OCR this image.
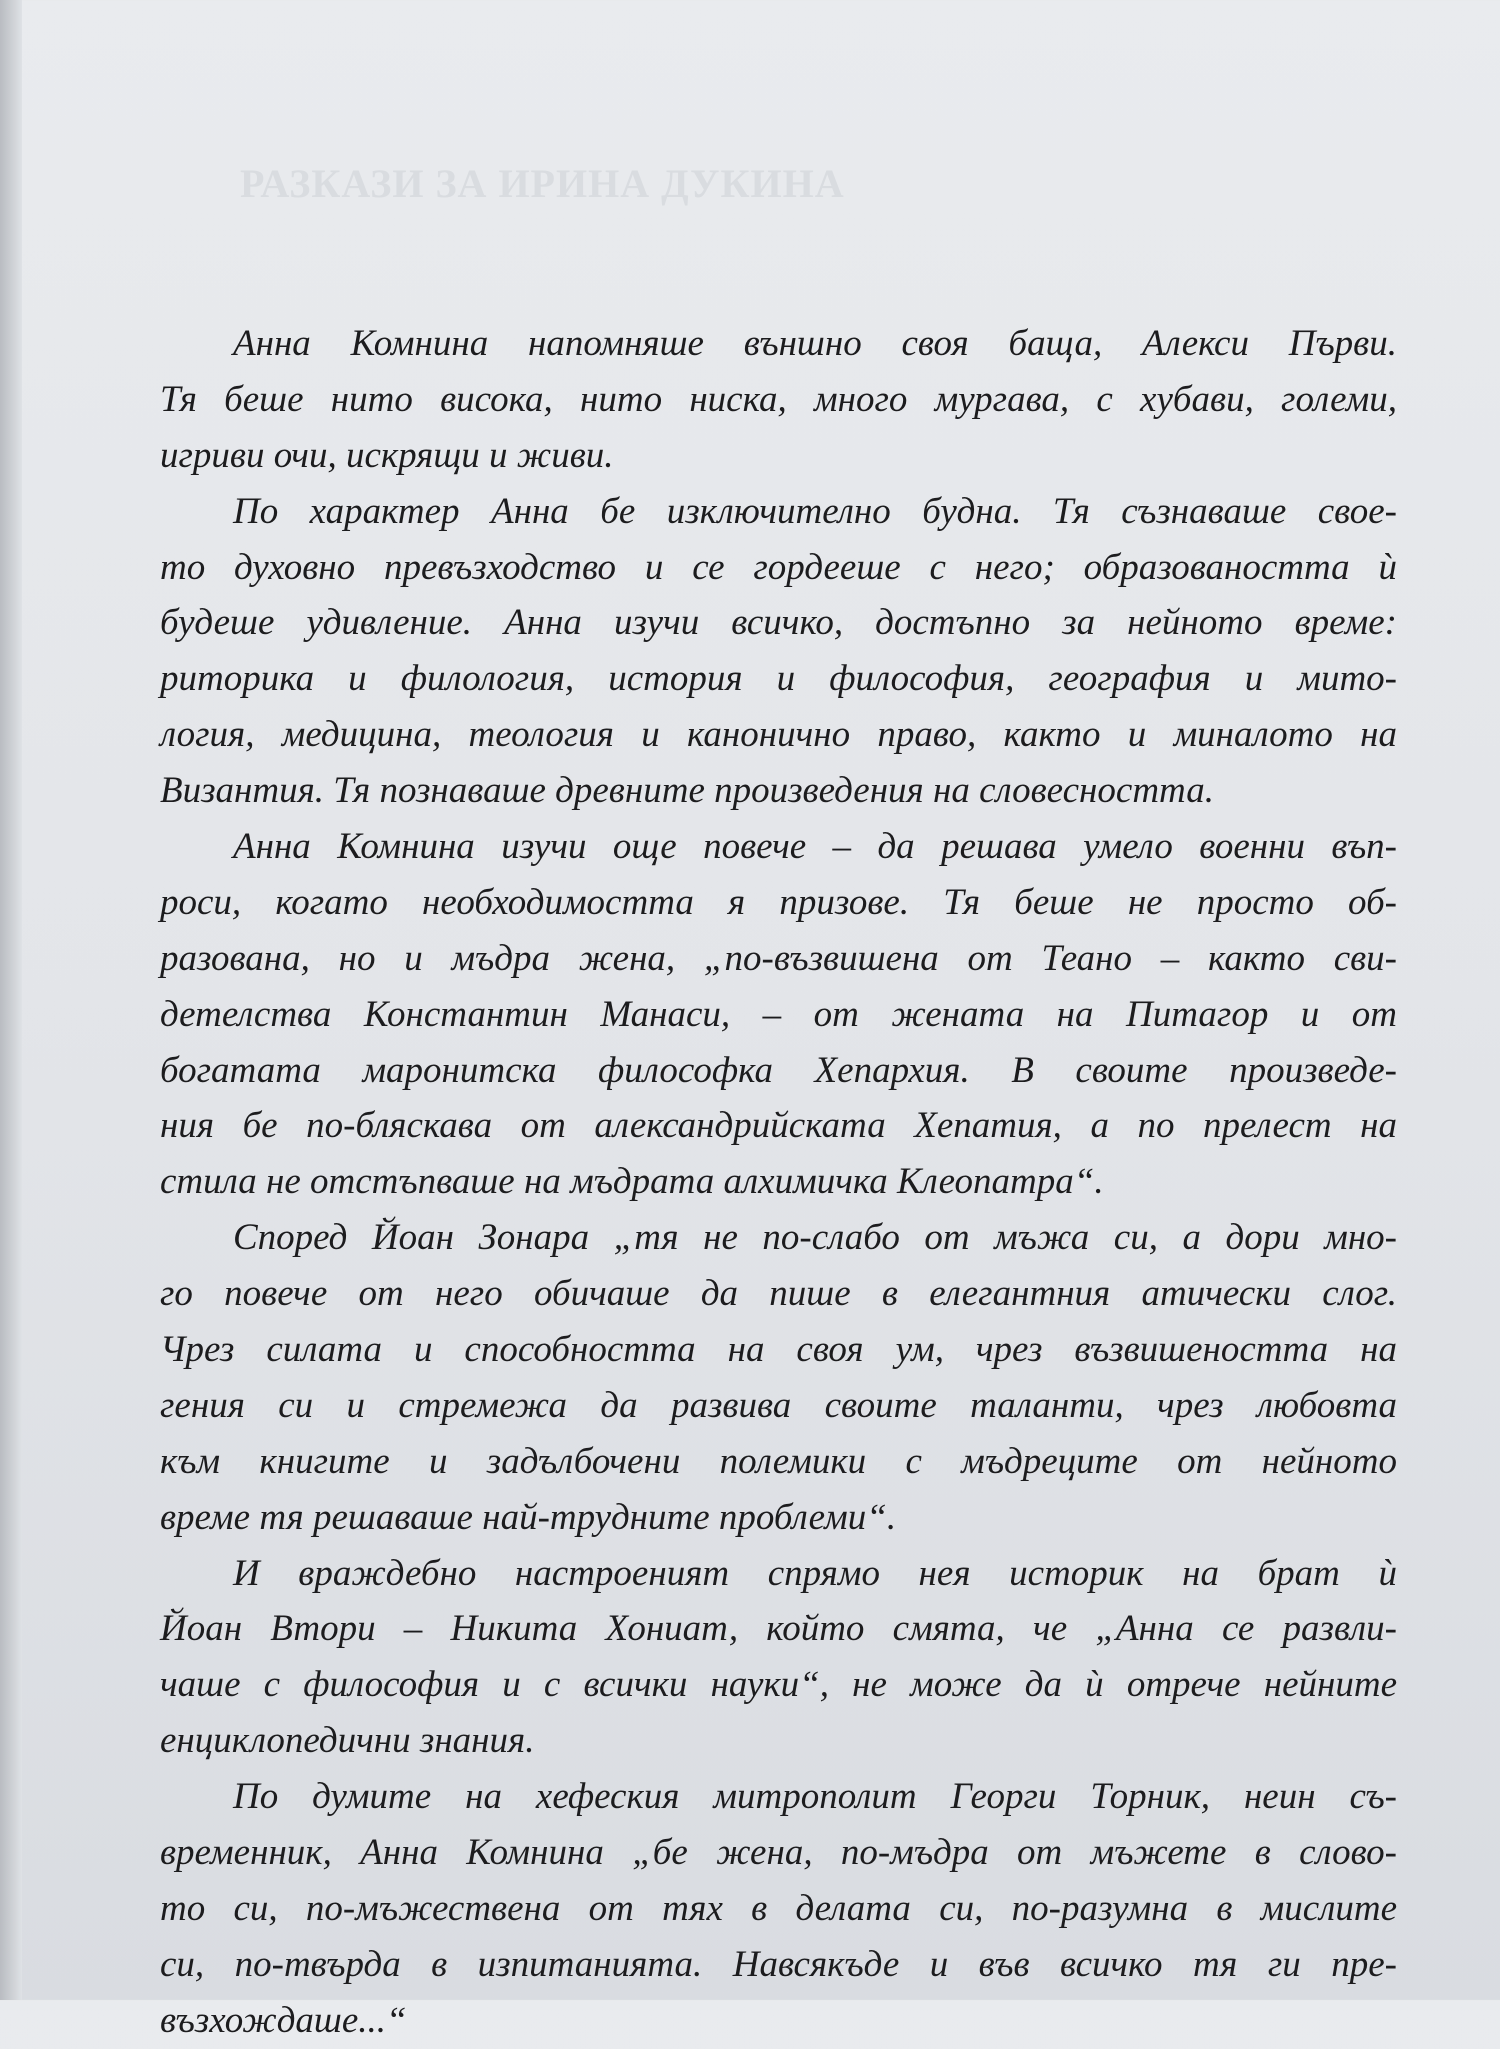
РАЗКАЗИ ЗА ИРИНА ДУКИНА
Анна Комнина напомняше външно своя баща, Алекси Първи.
Тя беше нито висока, нито ниска, много мургава, с хубави, големи,
игриви очи, искрящи и живи.
По характер Анна бе изключително будна. Тя съзнаваше свое-
то духовно превъзходство и се гордееше с него; образоваността ѝ
будеше удивление. Анна изучи всичко, достъпно за нейното време:
риторика и филология, история и философия, география и мито-
логия, медицина, теология и канонично право, както и миналото на
Византия. Тя познаваше древните произведения на словесността.
Анна Комнина изучи още повече – да решава умело военни въп-
роси, когато необходимостта я призове. Тя беше не просто об-
разована, но и мъдра жена, „по-възвишена от Теано – както сви-
детелства Константин Манаси, – от жената на Питагор и от
богатата маронитска философка Хепархия. В своите произведе-
ния бе по-бляскава от александрийската Хепатия, а по прелест на
стила не отстъпваше на мъдрата алхимичка Клеопатра“.
Според Йоан Зонара „тя не по-слабо от мъжа си, а дори мно-
го повече от него обичаше да пише в елегантния атически слог.
Чрез силата и способността на своя ум, чрез възвишеността на
гения си и стремежа да развива своите таланти, чрез любовта
към книгите и задълбочени полемики с мъдреците от нейното
време тя решаваше най-трудните проблеми“.
И враждебно настроеният спрямо нея историк на брат ѝ
Йоан Втори – Никита Хониат, който смята, че „Анна се развли-
чаше с философия и с всички науки“, не може да ѝ отрече нейните
енциклопедични знания.
По думите на хефеския митрополит Георги Торник, неин съ-
временник, Анна Комнина „бе жена, по-мъдра от мъжете в слово-
то си, по-мъжествена от тях в делата си, по-разумна в мислите
си, по-твърда в изпитанията. Навсякъде и във всичко тя ги пре-
възхождаше...“
